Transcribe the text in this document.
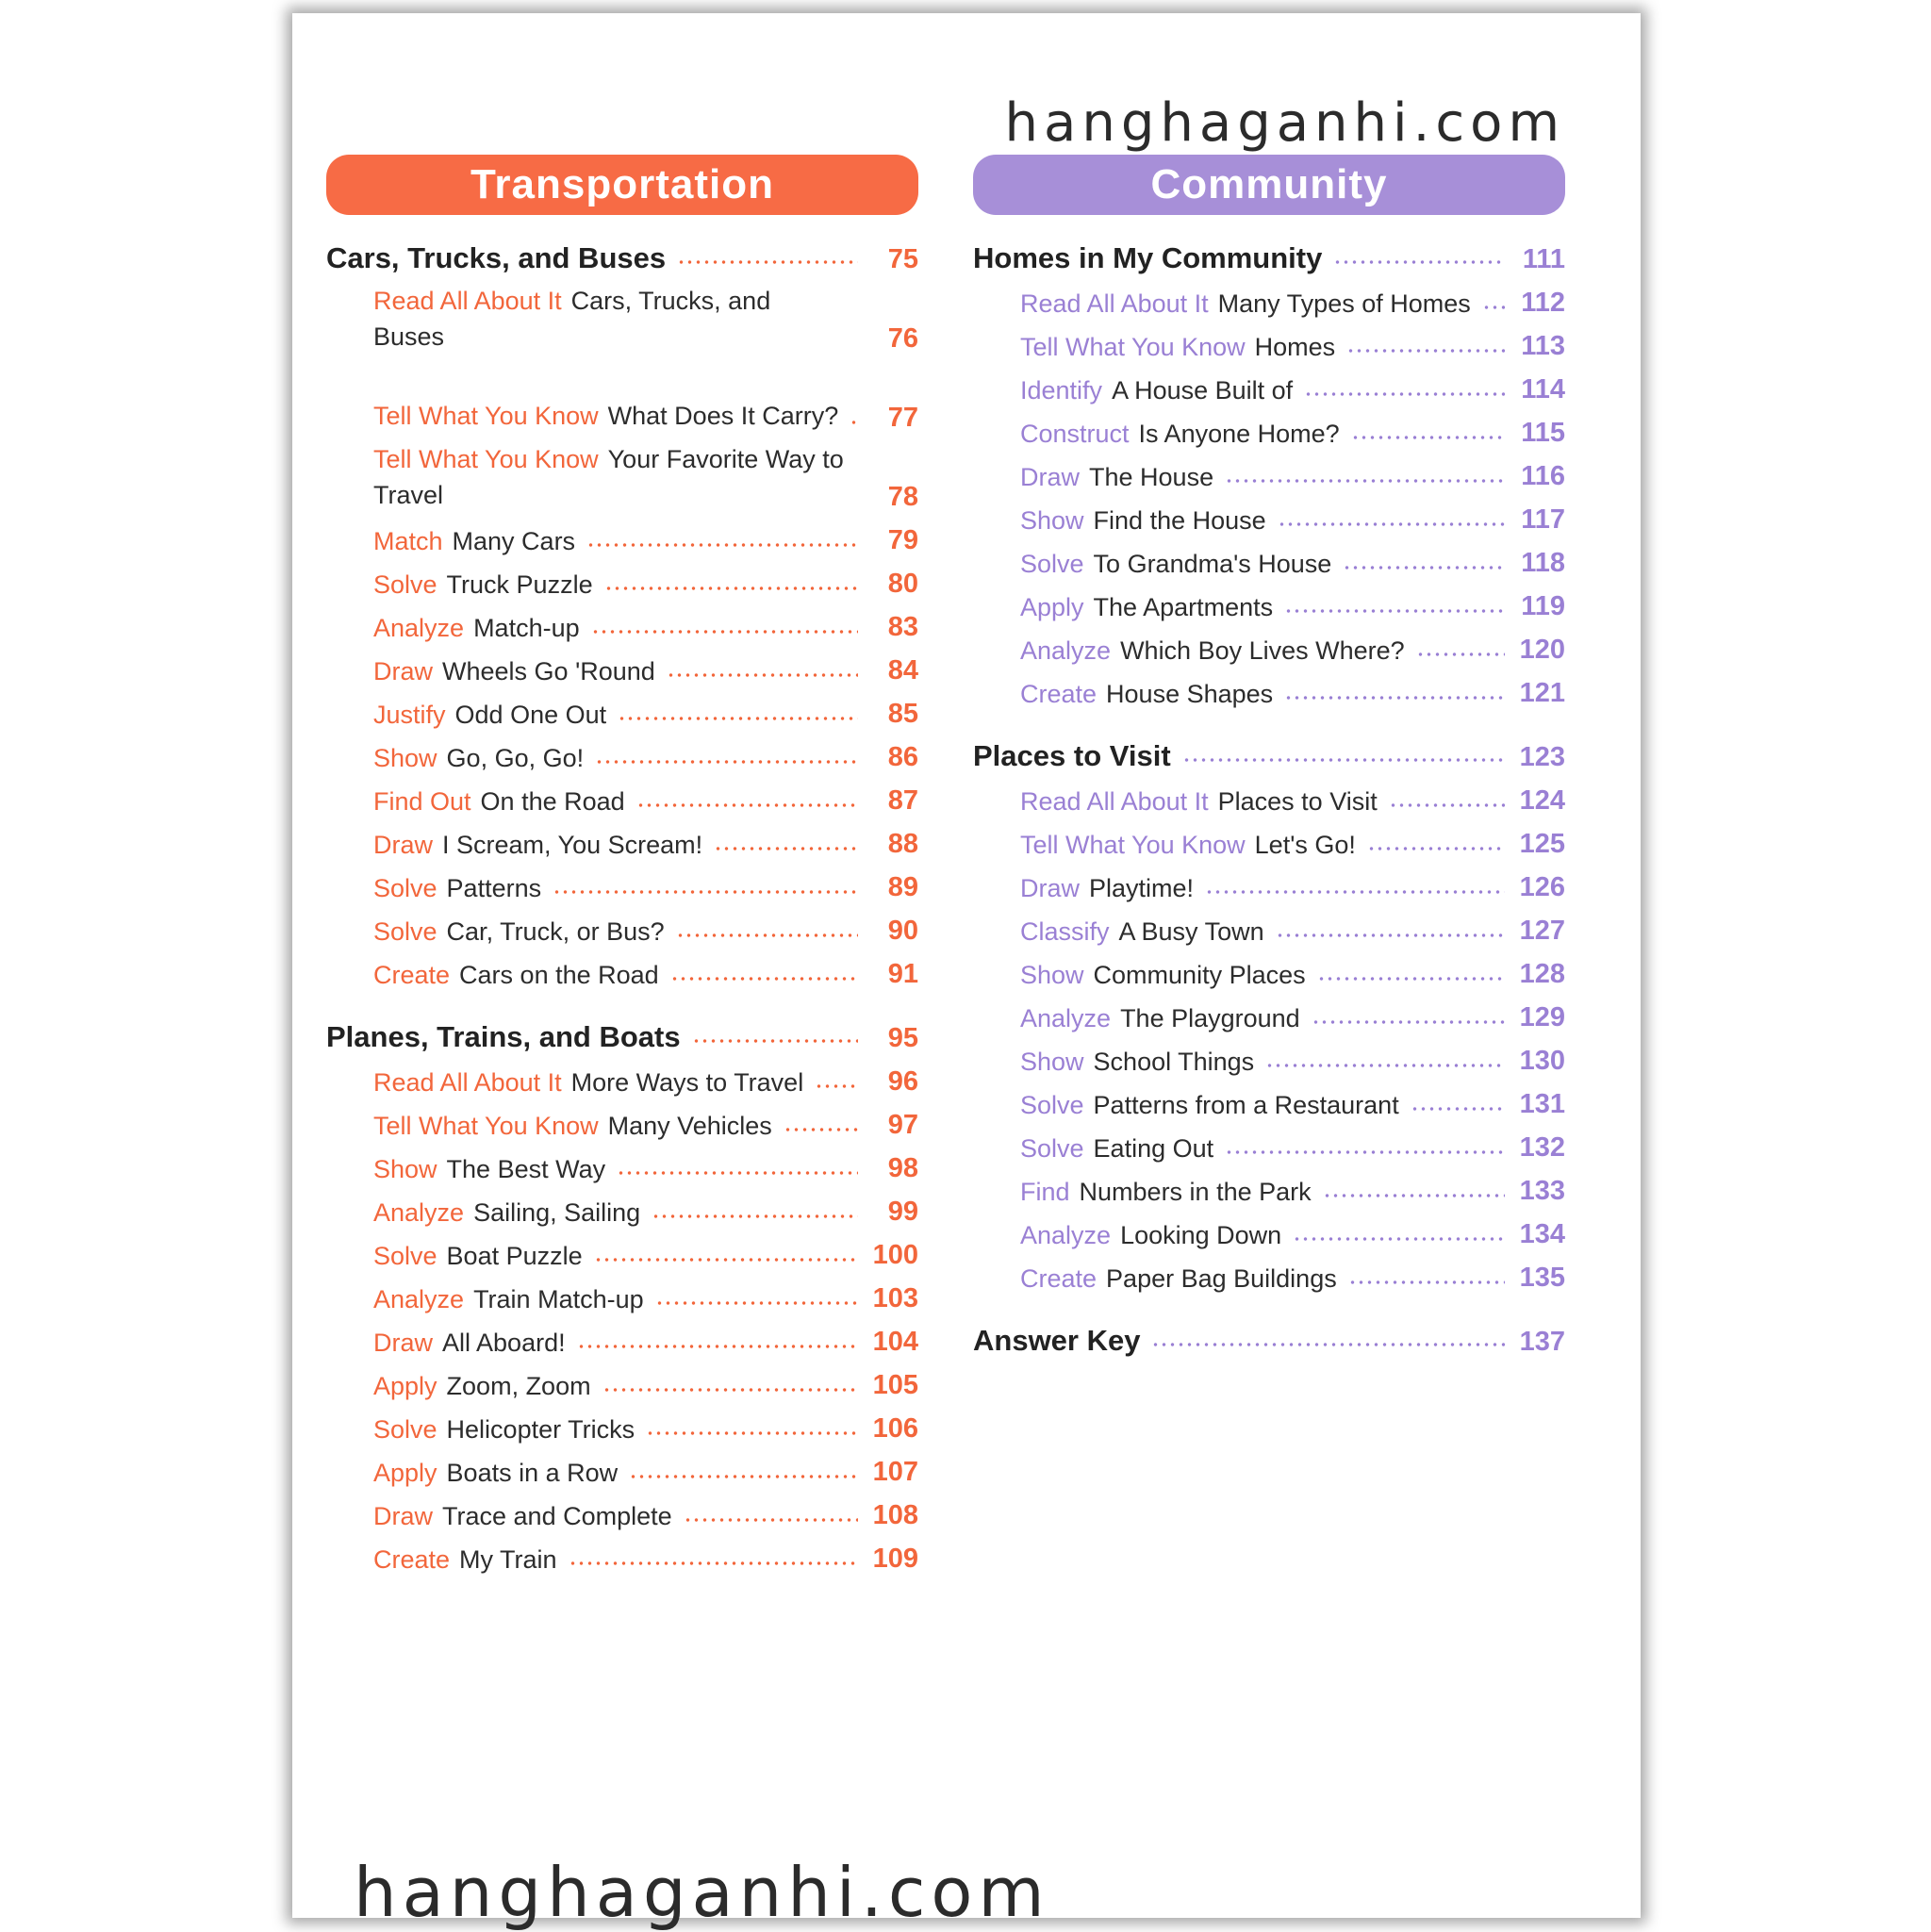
hanghaganhi.com
Transportation
Cars, Trucks, and Buses	75
Read All About It Cars, Trucks, and Buses	76
Tell What You Know What Does It Carry?	77
Tell What You Know Your Favorite Way to Travel	78
Match Many Cars	79
Solve Truck Puzzle	80
Analyze Match-up	83
Draw Wheels Go 'Round	84
Justify Odd One Out	85
Show Go, Go, Go!	86
Find Out On the Road	87
Draw I Scream, You Scream!	88
Solve Patterns	89
Solve Car, Truck, or Bus?	90
Create Cars on the Road	91
Planes, Trains, and Boats	95
Read All About It More Ways to Travel	96
Tell What You Know Many Vehicles	97
Show The Best Way	98
Analyze Sailing, Sailing	99
Solve Boat Puzzle	100
Analyze Train Match-up	103
Draw All Aboard!	104
Apply Zoom, Zoom	105
Solve Helicopter Tricks	106
Apply Boats in a Row	107
Draw Trace and Complete	108
Create My Train	109
Community
Homes in My Community	111
Read All About It Many Types of Homes 112
Tell What You Know Homes	113
Identify A House Built of	114
Construct Is Anyone Home?	115
Draw The House	116
Show Find the House	117
Solve To Grandma's House	118
Apply The Apartments	119
Analyze Which Boy Lives Where?	120
Create House Shapes	121
Places to Visit	123
Read All About It Places to Visit	124
Tell What You Know Let's Go!	125
Draw Playtime!	126
Classify A Busy Town	127
Show Community Places	128
Analyze The Playground	129
Show School Things	130
Solve Patterns from a Restaurant	131
Solve Eating Out	132
Find Numbers in the Park	133
Analyze Looking Down	134
Create Paper Bag Buildings	135
Answer Key	137
hanghaganhi.com
